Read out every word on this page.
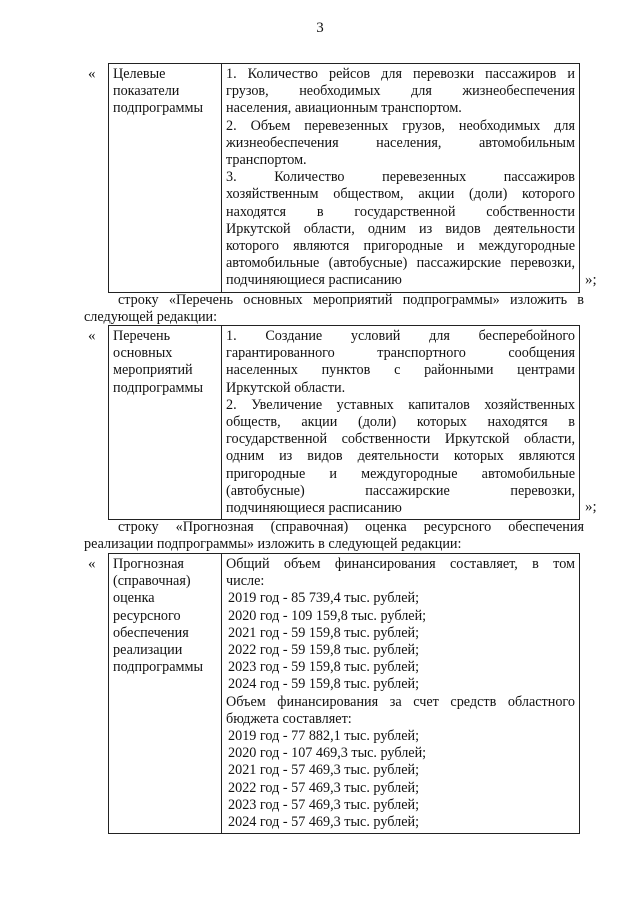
3
« Целевые
показатели
подпрограммы

1. Количество рейсов для перевозки пассажиров и
грузов, необходимых для жизнеобеспечения
населения, авиационным транспортом.
2. Объем перевезенных грузов, необходимых для
жизнеобеспечения населения, автомобильным
транспортом.
3. Количество перевезенных пассажиров
хозяйственным обществом, акции (доли) которого
находятся в государственной собственности
Иркутской области, одним из видов деятельности
которого являются пригородные и междугородные
автомобильные (автобусные) пассажирские перевозки,
подчиняющиеся расписанию	»;
строку «Перечень основных мероприятий подпрограммы» изложить в
следующей редакции:
« Перечень
основных
мероприятий
подпрограммы

1. Создание условий для бесперебойного
гарантированного транспортного сообщения
населенных пунктов с районными центрами
Иркутской области.
2. Увеличение уставных капиталов хозяйственных
обществ, акции (доли) которых находятся в
государственной собственности Иркутской области,
одним из видов деятельности которых являются
пригородные и междугородные автомобильные
(автобусные) пассажирские перевозки,
подчиняющиеся расписанию	»;
строку «Прогнозная (справочная) оценка ресурсного обеспечения
реализации подпрограммы» изложить в следующей редакции:
« Прогнозная
(справочная)
оценка
ресурсного
обеспечения
реализации
подпрограммы

Общий объем финансирования составляет, в том
числе:
2019 год - 85 739,4 тыс. рублей;
2020 год - 109 159,8 тыс. рублей;
2021 год - 59 159,8 тыс. рублей;
2022 год - 59 159,8 тыс. рублей;
2023 год - 59 159,8 тыс. рублей;
2024 год - 59 159,8 тыс. рублей;
Объем финансирования за счет средств областного
бюджета составляет:
2019 год - 77 882,1 тыс. рублей;
2020 год - 107 469,3 тыс. рублей;
2021 год - 57 469,3 тыс. рублей;
2022 год - 57 469,3 тыс. рублей;
2023 год - 57 469,3 тыс. рублей;
2024 год - 57 469,3 тыс. рублей;
